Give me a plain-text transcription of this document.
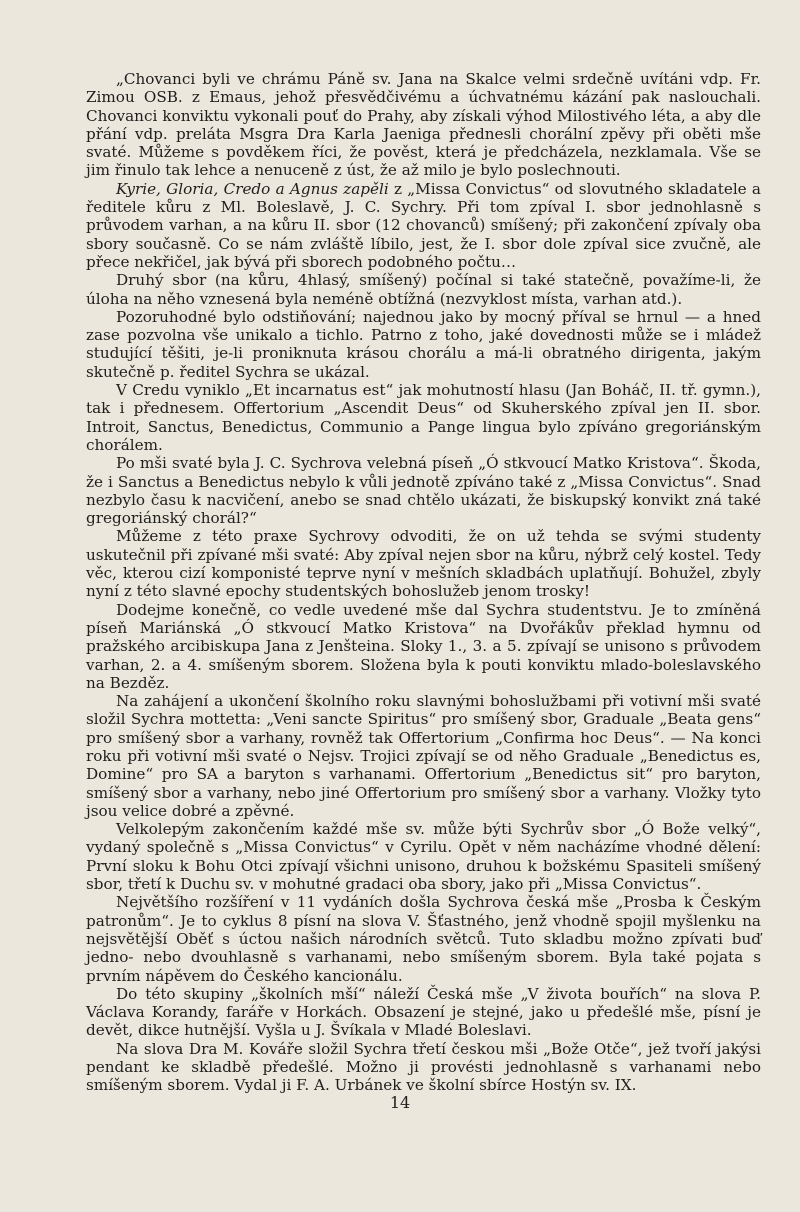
„Chovanci byli ve chrámu Páně sv. Jana na Skalce velmi srdečně uvítáni vdp. Fr. Zimou OSB. z Emaus, jehož přesvědčivému a úchvatnému kázání pak naslouchali. Chovanci konviktu vykonali pouť do Prahy, aby získali výhod Milostivého léta, a aby dle přání vdp. preláta Msgra Dra Karla Jaeniga přednesli chorální zpěvy při oběti mše svaté. Můžeme s povděkem říci, že pověst, která je předcházela, nezklamala. Vše se jim řinulo tak lehce a nenuceně z úst, že až milo je bylo poslechnouti.

Kyrie, Gloria, Credo a Agnus zapěli z „Missa Convictus“ od slovutného skladatele a ředitele kůru z Ml. Boleslavě, J. C. Sychry. Při tom zpíval I. sbor jednohlasně s průvodem varhan, a na kůru II. sbor (12 chovanců) smíšený; při zakončení zpívaly oba sbory současně. Co se nám zvláště líbilo, jest, že I. sbor dole zpíval sice zvučně, ale přece nekřičel, jak bývá při sborech podobného počtu…

Druhý sbor (na kůru, 4hlasý, smíšený) počínal si také statečně, považíme-li, že úloha na něho vznesená byla neméně obtížná (nezvyklost místa, varhan atd.).

Pozoruhodné bylo odstiňování; najednou jako by mocný příval se hrnul — a hned zase pozvolna vše unikalo a tichlo. Patrno z toho, jaké dovednosti může se i mládež studující těšiti, je-li proniknuta krásou chorálu a má-li obratného dirigenta, jakým skutečně p. ředitel Sychra se ukázal.

V Credu vyniklo „Et incarnatus est“ jak mohutností hlasu (Jan Boháč, II. tř. gymn.), tak i přednesem. Offertorium „Ascendit Deus“ od Skuherského zpíval jen II. sbor. Introit, Sanctus, Benedictus, Communio a Pange lingua bylo zpíváno gregoriánským chorálem.

Po mši svaté byla J. C. Sychrova velebná píseň „Ó stkvoucí Matko Kristova“. Škoda, že i Sanctus a Benedictus nebylo k vůli jednotě zpíváno také z „Missa Convictus“. Snad nezbylo času k nacvičení, anebo se snad chtělo ukázati, že biskupský konvikt zná také gregoriánský chorál?“

Můžeme z této praxe Sychrovy odvoditi, že on už tehda se svými studenty uskutečnil při zpívané mši svaté: Aby zpíval nejen sbor na kůru, nýbrž celý kostel. Tedy věc, kterou cizí komponisté teprve nyní v mešních skladbách uplatňují. Bohužel, zbyly nyní z této slavné epochy studentských bohoslužeb jenom trosky!

Dodejme konečně, co vedle uvedené mše dal Sychra studentstvu. Je to zmíněná píseň Mariánská „Ó stkvoucí Matko Kristova“ na Dvořákův překlad hymnu od pražského arcibiskupa Jana z Jenšteina. Sloky 1., 3. a 5. zpívají se unisono s průvodem varhan, 2. a 4. smíšeným sborem. Složena byla k pouti konviktu mlado-boleslavského na Bezděz.

Na zahájení a ukončení školního roku slavnými bohoslužbami při votivní mši svaté složil Sychra mottetta: „Veni sancte Spiritus“ pro smíšený sbor, Graduale „Beata gens“ pro smíšený sbor a varhany, rovněž tak Offertorium „Confirma hoc Deus“. — Na konci roku při votivní mši svaté o Nejsv. Trojici zpívají se od něho Graduale „Benedictus es, Domine“ pro SA a baryton s varhanami. Offertorium „Benedictus sit“ pro baryton, smíšený sbor a varhany, nebo jiné Offertorium pro smíšený sbor a varhany. Vložky tyto jsou velice dobré a zpěvné.

Velkolepým zakončením každé mše sv. může býti Sychrův sbor „Ó Bože velký“, vydaný společně s „Missa Convictus“ v Cyrilu. Opět v něm nacházíme vhodné dělení: První sloku k Bohu Otci zpívají všichni unisono, druhou k božskému Spasiteli smíšený sbor, třetí k Duchu sv. v mohutné gradaci oba sbory, jako při „Missa Convictus“.

Největšího rozšíření v 11 vydáních došla Sychrova česká mše „Prosba k Českým patronům“. Je to cyklus 8 písní na slova V. Šťastného, jenž vhodně spojil myšlenku na nejsvětější Oběť s úctou našich národních světců. Tuto skladbu možno zpívati buď jedno- nebo dvouhlasně s varhanami, nebo smíšeným sborem. Byla také pojata s prvním nápěvem do Českého kancionálu.

Do této skupiny „školních mší“ náleží Česká mše „V života bouřích“ na slova P. Václava Korandy, faráře v Horkách. Obsazení je stejné, jako u předešlé mše, písní je devět, dikce hutnější. Vyšla u J. Švíkala v Mladé Boleslavi.

Na slova Dra M. Kováře složil Sychra třetí českou mši „Bože Otče“, jež tvoří jakýsi pendant ke skladbě předešlé. Možno ji provésti jednohlasně s varhanami nebo smíšeným sborem. Vydal ji F. A. Urbánek ve školní sbírce Hostýn sv. IX.

14
